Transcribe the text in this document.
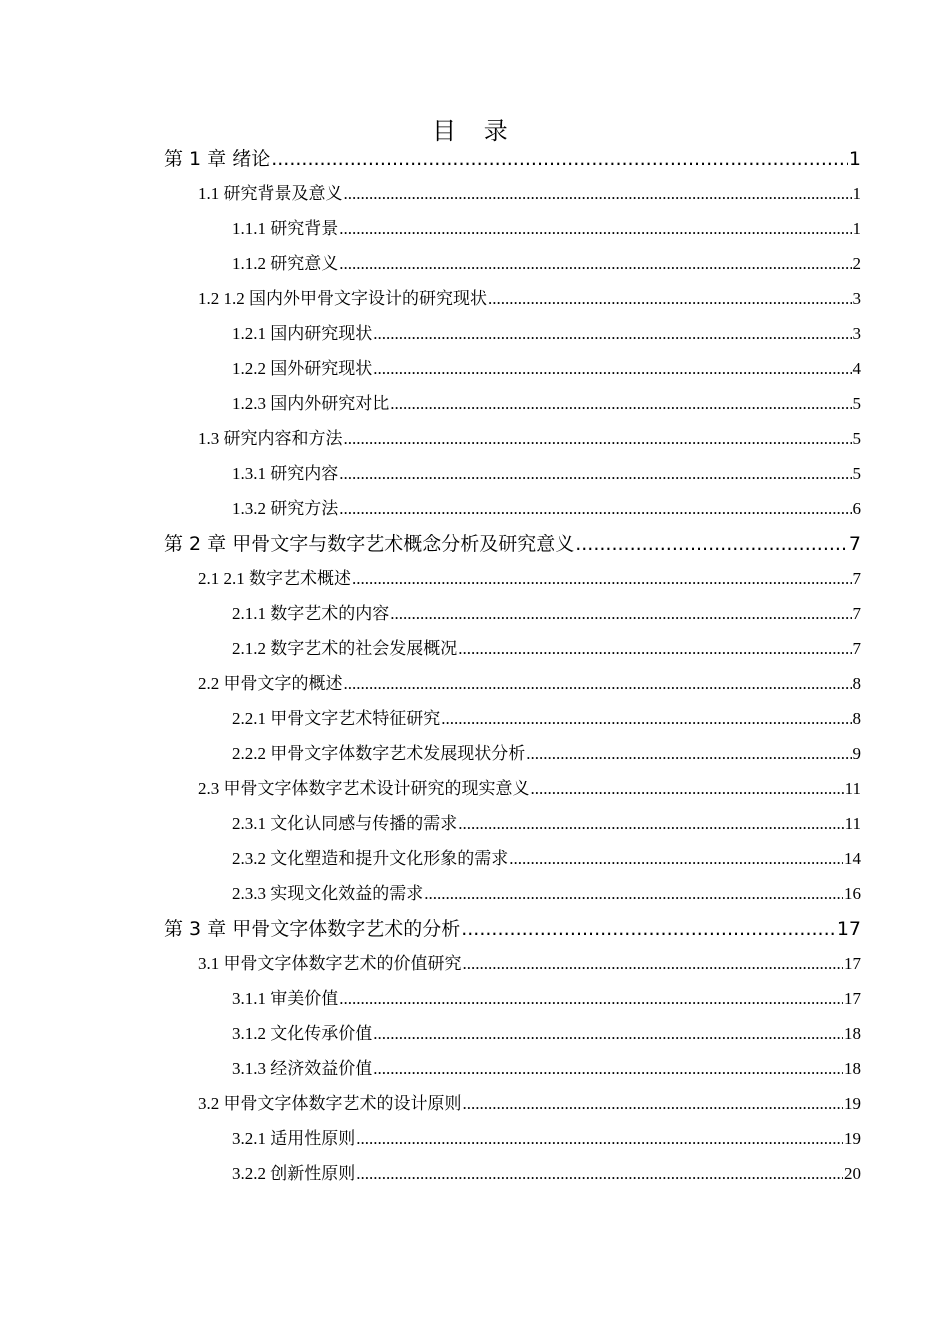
目 录
第 1 章 绪论 .....	1
1.1 研究背景及意义 .....	1
1.1.1 研究背景 .....	1
1.1.2 研究意义 .....	2
1.2 1.2 国内外甲骨文字设计的研究现状 .....	3
1.2.1 国内研究现状 .....	3
1.2.2 国外研究现状 .....	4
1.2.3 国内外研究对比 .....	5
1.3 研究内容和方法 .....	5
1.3.1 研究内容 .....	5
1.3.2 研究方法 .....	6
第 2 章 甲骨文字与数字艺术概念分析及研究意义 .....	7
2.1 2.1 数字艺术概述 .....	7
2.1.1 数字艺术的内容 .....	7
2.1.2 数字艺术的社会发展概况 .....	7
2.2 甲骨文字的概述 .....	8
2.2.1 甲骨文字艺术特征研究 .....	8
2.2.2 甲骨文字体数字艺术发展现状分析 .....	9
2.3 甲骨文字体数字艺术设计研究的现实意义 .....	11
2.3.1 文化认同感与传播的需求 .....	11
2.3.2 文化塑造和提升文化形象的需求 .....	14
2.3.3 实现文化效益的需求 .....	16
第 3 章 甲骨文字体数字艺术的分析 .....	17
3.1 甲骨文字体数字艺术的价值研究 .....	17
3.1.1 审美价值 .....	17
3.1.2 文化传承价值 .....	18
3.1.3 经济效益价值 .....	18
3.2 甲骨文字体数字艺术的设计原则 .....	19
3.2.1 适用性原则 .....	19
3.2.2 创新性原则 .....	20
